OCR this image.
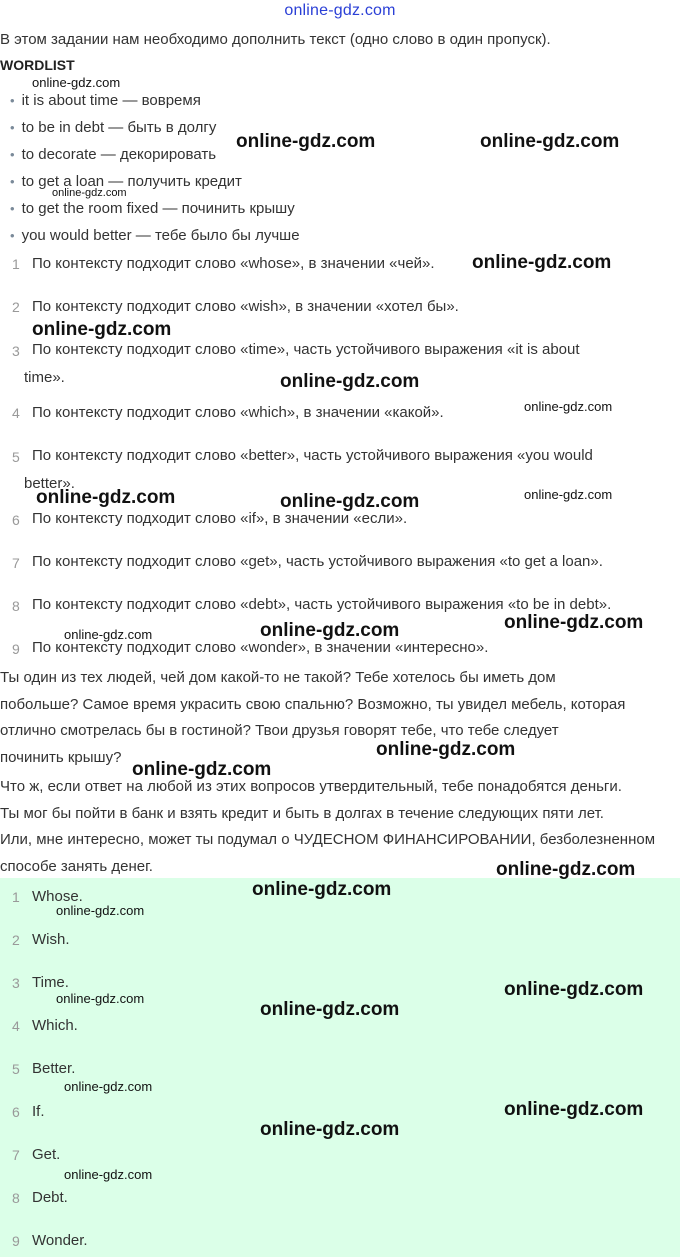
online-gdz.com
В этом задании нам необходимо дополнить текст (одно слово в один пропуск).
WORDLIST
• it is about time — вовремя
• to be in debt — быть в долгу
• to decorate — декорировать
• to get a loan — получить кредит
• to get the room fixed — починить крышу
• you would better — тебе было бы лучше
1 По контексту подходит слово «whose», в значении «чей».
2 По контексту подходит слово «wish», в значении «хотел бы».
3 По контексту подходит слово «time», часть устойчивого выражения «it is about
time».
4 По контексту подходит слово «which», в значении «какой».
5 По контексту подходит слово «better», часть устойчивого выражения «you would
better».
6 По контексту подходит слово «if», в значении «если».
7 По контексту подходит слово «get», часть устойчивого выражения «to get a loan».
8 По контексту подходит слово «debt», часть устойчивого выражения «to be in debt».
9 По контексту подходит слово «wonder», в значении «интересно».
Ты один из тех людей, чей дом какой-то не такой? Тебе хотелось бы иметь дом
побольше? Самое время украсить свою спальню? Возможно, ты увидел мебель, которая
отлично смотрелась бы в гостиной? Твои друзья говорят тебе, что тебе следует
починить крышу?
Что ж, если ответ на любой из этих вопросов утвердительный, тебе понадобятся деньги.
Ты мог бы пойти в банк и взять кредит и быть в долгах в течение следующих пяти лет.
Или, мне интересно, может ты подумал о ЧУДЕСНОМ ФИНАНСИРОВАНИИ, безболезненном
способе занять денег.
1 Whose.
2 Wish.
3 Time.
4 Which.
5 Better.
6 If.
7 Get.
8 Debt.
9 Wonder.
online-gdz.com
online-gdz.com
online-gdz.com	online-gdz.com
online-gdz.com
online-gdz.com
online-gdz.com
online-gdz.com
online-gdz.com	online-gdz.com	online-gdz.com
online-gdz.com	online-gdz.com	online-gdz.com
online-gdz.com
online-gdz.com
online-gdz.com
online-gdz.com
online-gdz.com
online-gdz.com
online-gdz.com
online-gdz.com
online-gdz.com
online-gdz.com
online-gdz.com
online-gdz.com
